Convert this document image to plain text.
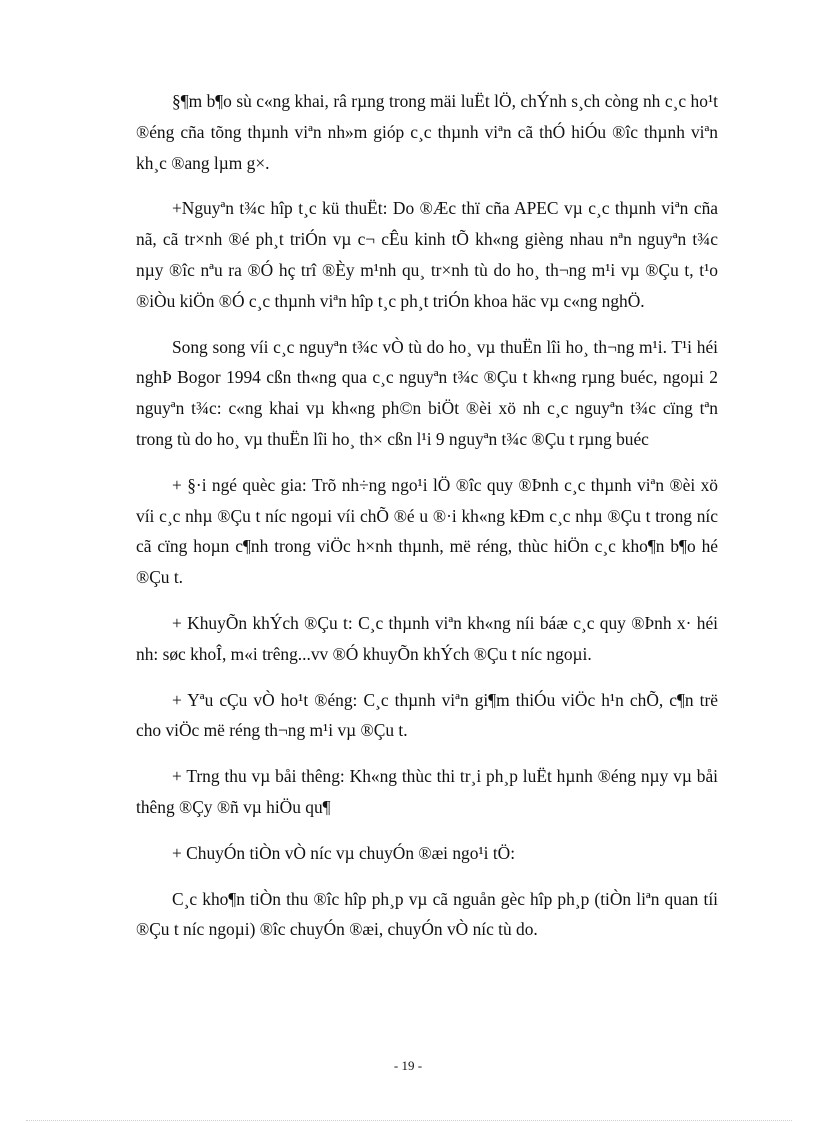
§¶m b¶o sù c«ng khai, râ rµng trong mäi luËt lÖ, chÝnh s¸ch còng nh c¸c ho¹t ®éng cña tõng thµnh viªn nh»m gióp c¸c thµnh viªn cã thÓ hiÓu ®îc thµnh viªn kh¸c ®ang lµm g×.

+Nguyªn t¾c hîp t¸c kü thuËt: Do ®Æc thï cña APEC vµ c¸c thµnh viªn cña nã, cã tr×nh ®é ph¸t triÓn vµ c¬ cÊu kinh tÕ kh«ng gièng nhau nªn nguyªn t¾c nµy ®îc nªu ra ®Ó hç trî ®Èy m¹nh qu¸ tr×nh tù do ho¸ th¬ng m¹i vµ ®Çu t, t¹o ®iÒu kiÖn ®Ó c¸c thµnh viªn hîp t¸c ph¸t triÓn khoa häc vµ c«ng nghÖ.

Song song víi c¸c nguyªn t¾c vÒ tù do ho¸ vµ thuËn lîi ho¸ th¬ng m¹i. T¹i héi nghÞ Bogor 1994 cßn th«ng qua c¸c nguyªn t¾c ®Çu t kh«ng rµng buéc, ngoµi 2 nguyªn t¾c: c«ng khai vµ kh«ng ph©n biÖt ®èi xö nh c¸c nguyªn t¾c cïng tªn trong tù do ho¸ vµ thuËn lîi ho¸ th× cßn l¹i 9 nguyªn t¾c ®Çu t rµng buéc

+ §·i ngé quèc gia: Trõ nh÷ng ngo¹i lÖ ®îc quy ®Þnh c¸c thµnh viªn ®èi xö víi c¸c nhµ ®Çu t níc ngoµi víi chÕ ®é u ®·i kh«ng kÐm c¸c nhµ ®Çu t trong níc cã cïng hoµn c¶nh trong viÖc h×nh thµnh, më réng, thùc hiÖn c¸c kho¶n b¶o hé ®Çu t.

+ KhuyÕn khÝch ®Çu t: C¸c thµnh viªn kh«ng níi báæ c¸c quy ®Þnh x· héi nh: søc khoÎ, m«i trêng...vv ®Ó khuyÕn khÝch ®Çu t níc ngoµi.

+ Yªu cÇu vÒ ho¹t ®éng: C¸c thµnh viªn gi¶m thiÓu viÖc h¹n chÕ, c¶n trë cho viÖc më réng th¬ng m¹i vµ ®Çu t.

+ Trng thu vµ båi thêng: Kh«ng thùc thi tr¸i ph¸p luËt hµnh ®éng nµy vµ båi thêng ®Çy ®ñ vµ hiÖu qu¶

+ ChuyÓn tiÒn vÒ níc vµ chuyÓn ®æi ngo¹i tÖ:

C¸c kho¶n tiÒn thu ®îc hîp ph¸p vµ cã nguån gèc hîp ph¸p (tiÒn liªn quan tíi ®Çu t níc ngoµi) ®îc chuyÓn ®æi, chuyÓn vÒ níc tù do.

- 19 -
